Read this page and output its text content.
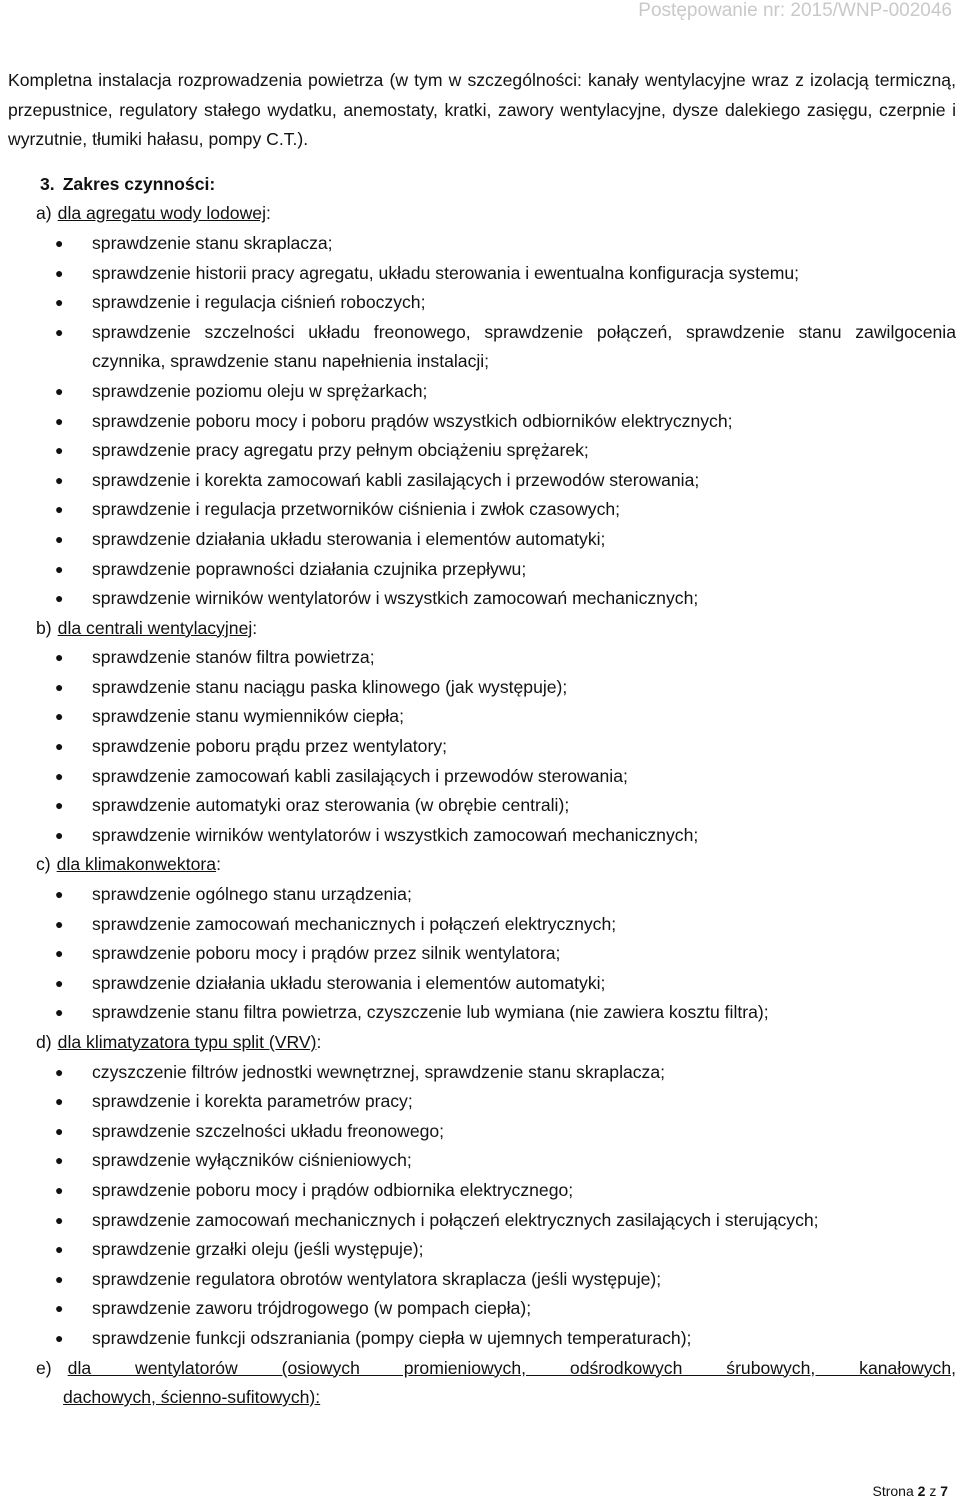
Postępowanie nr: 2015/WNP-002046

Kompletna instalacja rozprowadzenia powietrza (w tym w szczególności: kanały wentylacyjne wraz z izolacją termiczną, przepustnice, regulatory stałego wydatku, anemostaty, kratki, zawory wentylacyjne, dysze dalekiego zasięgu, czerpnie i wyrzutnie, tłumiki hałasu, pompy C.T.).

3. Zakres czynności:
a) dla agregatu wody lodowej:
● sprawdzenie stanu skraplacza;
● sprawdzenie historii pracy agregatu, układu sterowania i ewentualna konfiguracja systemu;
● sprawdzenie i regulacja ciśnień roboczych;
● sprawdzenie szczelności układu freonowego, sprawdzenie połączeń, sprawdzenie stanu zawilgocenia czynnika, sprawdzenie stanu napełnienia instalacji;
● sprawdzenie poziomu oleju w sprężarkach;
● sprawdzenie poboru mocy i poboru prądów wszystkich odbiorników elektrycznych;
● sprawdzenie pracy agregatu przy pełnym obciążeniu sprężarek;
● sprawdzenie i korekta zamocowań kabli zasilających i przewodów sterowania;
● sprawdzenie i regulacja przetworników ciśnienia i zwłok czasowych;
● sprawdzenie działania układu sterowania i elementów automatyki;
● sprawdzenie poprawności działania czujnika przepływu;
● sprawdzenie wirników wentylatorów i wszystkich zamocowań mechanicznych;
b) dla centrali wentylacyjnej:
● sprawdzenie stanów filtra powietrza;
● sprawdzenie stanu naciągu paska klinowego (jak występuje);
● sprawdzenie stanu wymienników ciepła;
● sprawdzenie poboru prądu przez wentylatory;
● sprawdzenie zamocowań kabli zasilających i przewodów sterowania;
● sprawdzenie automatyki oraz sterowania (w obrębie centrali);
● sprawdzenie wirników wentylatorów i wszystkich zamocowań mechanicznych;
c) dla klimakonwektora:
● sprawdzenie ogólnego stanu urządzenia;
● sprawdzenie zamocowań mechanicznych i połączeń elektrycznych;
● sprawdzenie poboru mocy i prądów przez silnik wentylatora;
● sprawdzenie działania układu sterowania i elementów automatyki;
● sprawdzenie stanu filtra powietrza, czyszczenie lub wymiana (nie zawiera kosztu filtra);
d) dla klimatyzatora typu split (VRV):
● czyszczenie filtrów jednostki wewnętrznej, sprawdzenie stanu skraplacza;
● sprawdzenie i korekta parametrów pracy;
● sprawdzenie szczelności układu freonowego;
● sprawdzenie wyłączników ciśnieniowych;
● sprawdzenie poboru mocy i prądów odbiornika elektrycznego;
● sprawdzenie zamocowań mechanicznych i połączeń elektrycznych zasilających i sterujących;
● sprawdzenie grzałki oleju (jeśli występuje);
● sprawdzenie regulatora obrotów wentylatora skraplacza (jeśli występuje);
● sprawdzenie zaworu trójdrogowego (w pompach ciepła);
● sprawdzenie funkcji odszraniania (pompy ciepła w ujemnych temperaturach);
e) dla wentylatorów (osiowych promieniowych, odśrodkowych śrubowych, kanałowych,
dachowych, ścienno-sufitowych):
Strona 2 z 7
